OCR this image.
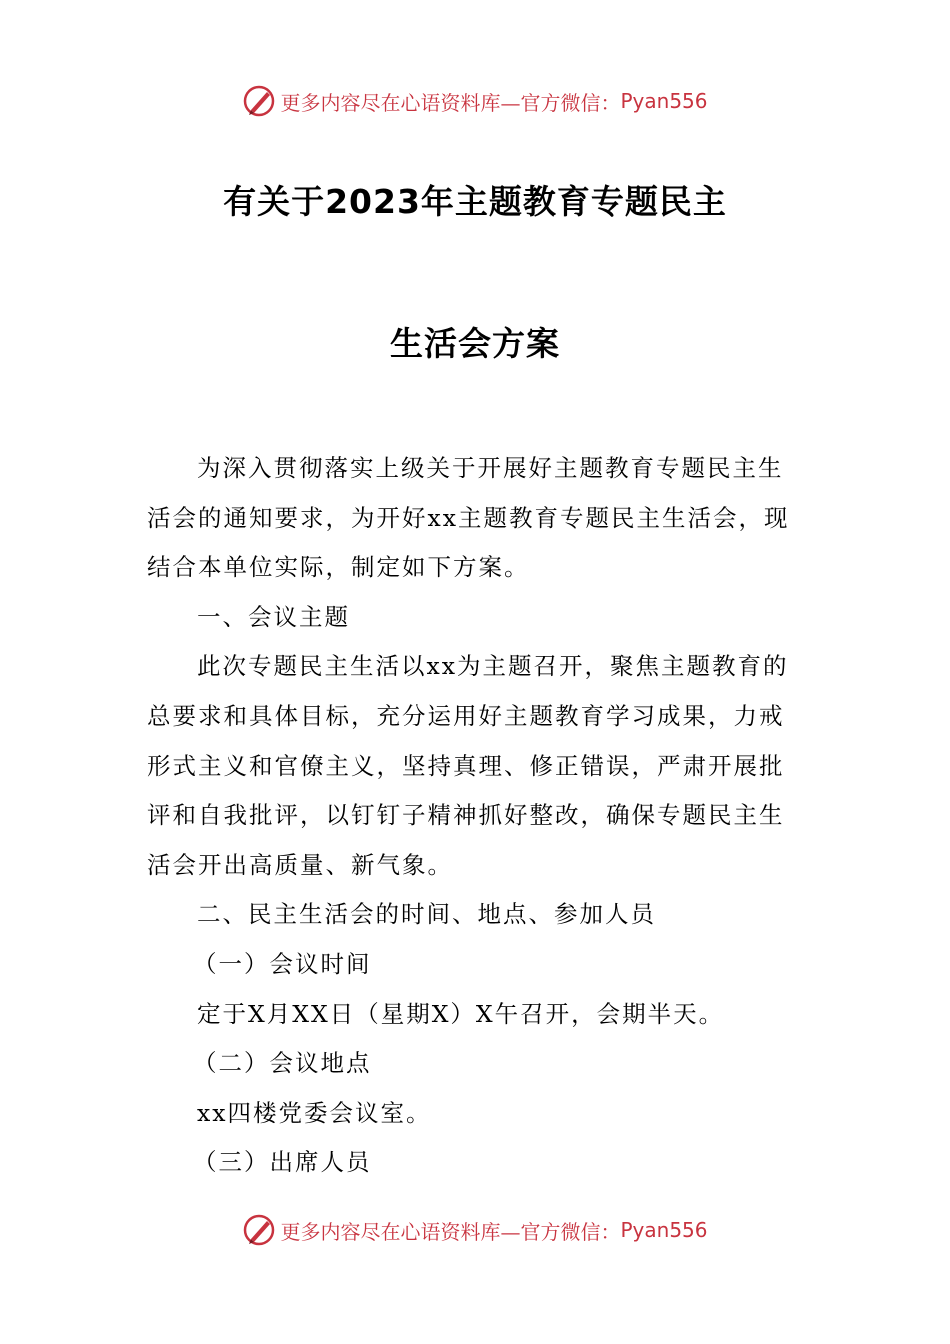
更多内容尽在心语资料库—官方微信： Pyan556
有关于2023年主题教育专题民主
生活会方案

为深入贯彻落实上级关于开展好主题教育专题民主生活会的通知要求，为开好xx主题教育专题民主生活会，现结合本单位实际，制定如下方案。

一、会议主题

此次专题民主生活以xx为主题召开，聚焦主题教育的总要求和具体目标，充分运用好主题教育学习成果，力戒形式主义和官僚主义，坚持真理、修正错误，严肃开展批评和自我批评，以钉钉子精神抓好整改，确保专题民主生活会开出高质量、新气象。

二、民主生活会的时间、地点、参加人员

（一）会议时间

定于X月XX日（星期X）X午召开，会期半天。

（二）会议地点

xx四楼党委会议室。

（三）出席人员

更多内容尽在心语资料库—官方微信： Pyan556
